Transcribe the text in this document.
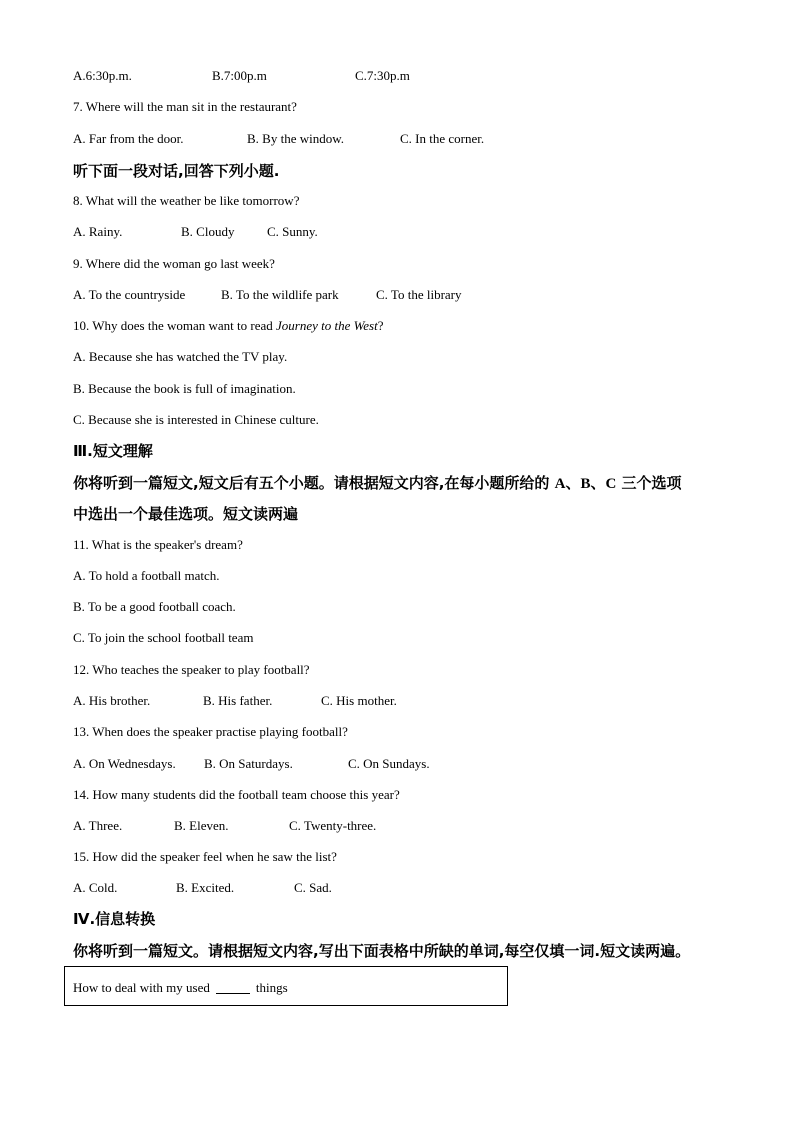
A.6:30p.m.	B.7:00p.m	C.7:30p.m
7. Where will the man sit in the restaurant?
A. Far from the door.	B. By the window.	C. In the corner.
听下面一段对话,回答下列小题.
8. What will the weather be like tomorrow?
A. Rainy.	B. Cloudy	C. Sunny.
9. Where did the woman go last week?
A. To the countryside	B. To the wildlife park	C. To the library
10. Why does the woman want to read Journey to the West?
A. Because she has watched the TV play.
B. Because the book is full of imagination.
C. Because she is interested in Chinese culture.
Ⅲ.短文理解
你将听到一篇短文,短文后有五个小题。请根据短文内容,在每小题所给的 A、B、C 三个选项
中选出一个最佳选项。短文读两遍
11. What is the speaker's dream?
A. To hold a football match.
B. To be a good football coach.
C. To join the school football team
12. Who teaches the speaker to play football?
A. His brother.	B. His father.	C. His mother.
13. When does the speaker practise playing football?
A. On Wednesdays. B. On Saturdays.	C. On Sundays.
14. How many students did the football team choose this year?
A. Three.	B. Eleven.	C. Twenty-three.
15. How did the speaker feel when he saw the list?
A. Cold.	B. Excited.	C. Sad.
Ⅳ.信息转换
你将听到一篇短文。请根据短文内容,写出下面表格中所缺的单词,每空仅填一词.短文读两遍。
How to deal with my used	things
